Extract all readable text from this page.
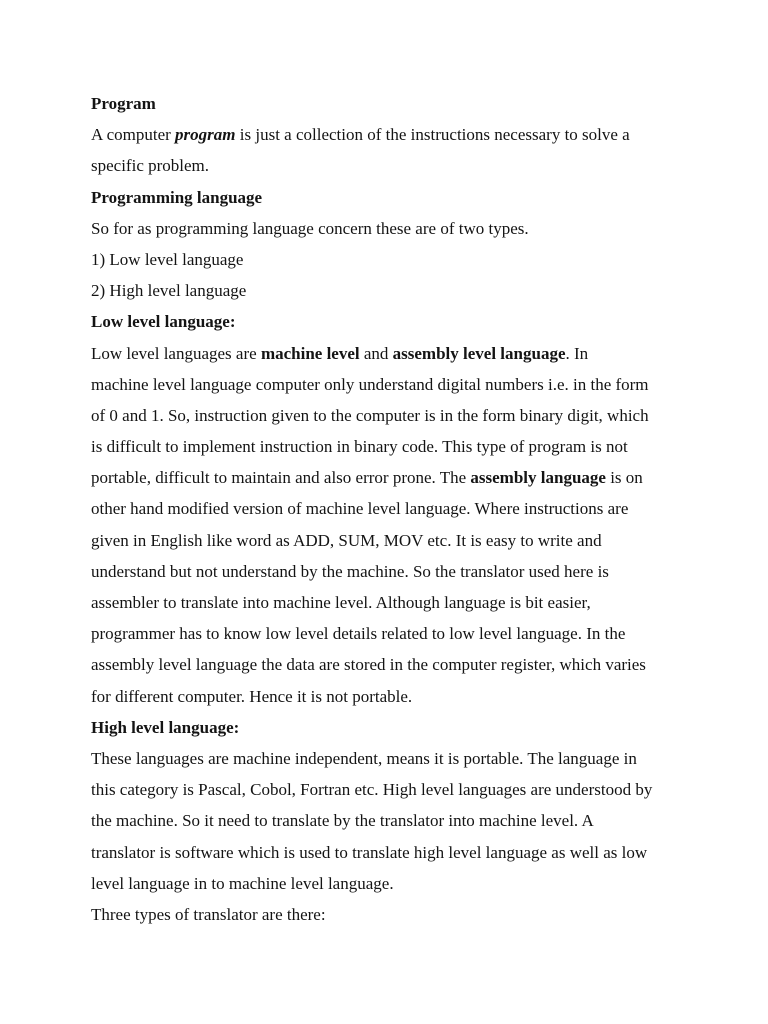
Program

A computer program is just a collection of the instructions necessary to solve a

specific problem.

Programming language

So for as programming language concern these are of two types.

1) Low level language

2) High level language

Low level language:

Low level languages are machine level and assembly level language. In

machine level language computer only understand digital numbers i.e. in the form

of 0 and 1. So, instruction given to the computer is in the form binary digit, which

is difficult to implement instruction in binary code. This type of program is not

portable, difficult to maintain and also error prone. The assembly language is on

other hand modified version of machine level language. Where instructions are

given in English like word as ADD, SUM, MOV etc. It is easy to write and

understand but not understand by the machine. So the translator used here is

assembler to translate into machine level. Although language is bit easier,

programmer has to know low level details related to low level language. In the

assembly level language the data are stored in the computer register, which varies

for different computer. Hence it is not portable.

High level language:

These languages are machine independent, means it is portable. The language in

this category is Pascal, Cobol, Fortran etc. High level languages are understood by

the machine. So it need to translate by the translator into machine level. A

translator is software which is used to translate high level language as well as low

level language in to machine level language.

Three types of translator are there:
